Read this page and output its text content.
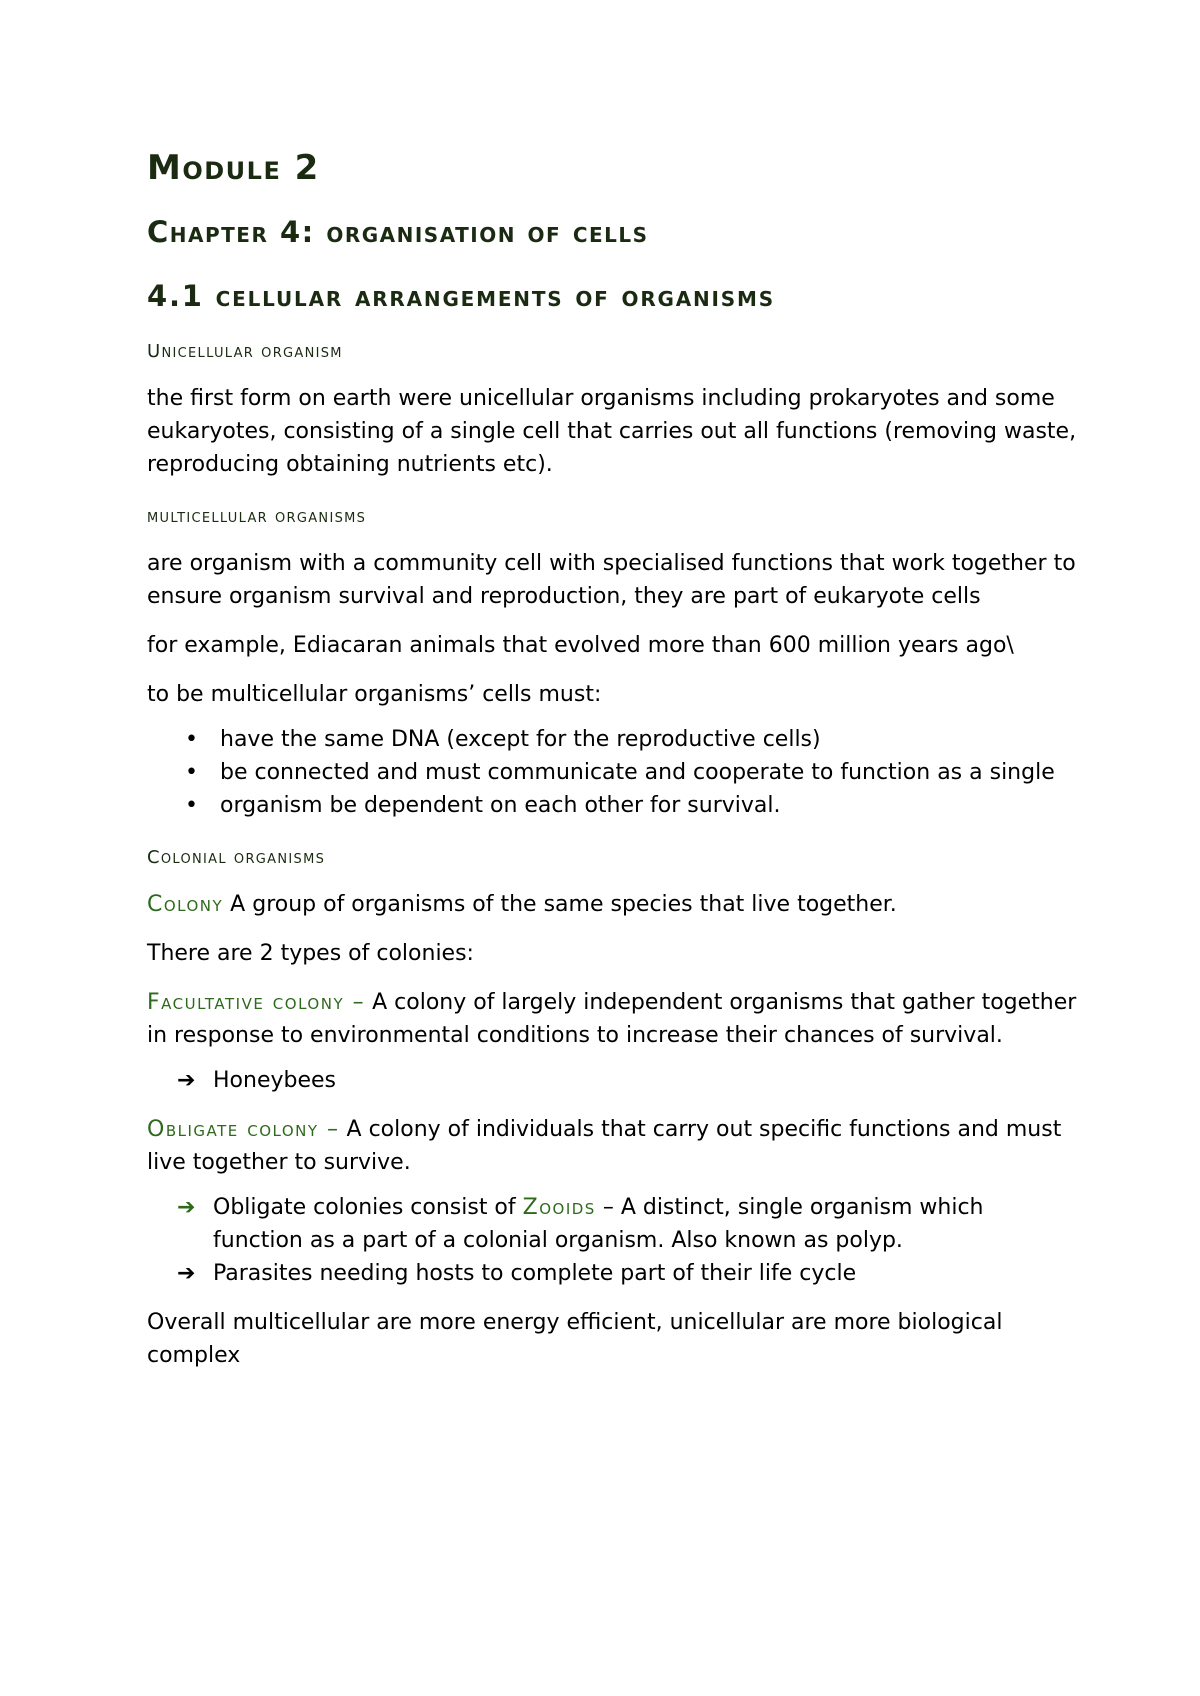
Module 2
Chapter 4: organisation of cells
4.1 cellular arrangements of organisms
Unicellular organism

the first form on earth were unicellular organisms including prokaryotes and some eukaryotes, consisting of a single cell that carries out all functions (removing waste, reproducing obtaining nutrients etc).

multicellular organisms

are organism with a community cell with specialised functions that work together to ensure organism survival and reproduction, they are part of eukaryote cells

for example, Ediacaran animals that evolved more than 600 million years ago\

to be multicellular organisms’ cells must:

• have the same DNA (except for the reproductive cells)
• be connected and must communicate and cooperate to function as a single
• organism be dependent on each other for survival.
Colonial organisms

Colony A group of organisms of the same species that live together.

There are 2 types of colonies:

Facultative colony – A colony of largely independent organisms that gather together in response to environmental conditions to increase their chances of survival.

➔ Honeybees

Obligate colony – A colony of individuals that carry out specific functions and must live together to survive.

➔ Obligate colonies consist of Zooids – A distinct, single organism which function as a part of a colonial organism. Also known as polyp.
➔ Parasites needing hosts to complete part of their life cycle

Overall multicellular are more energy efficient, unicellular are more biological complex
